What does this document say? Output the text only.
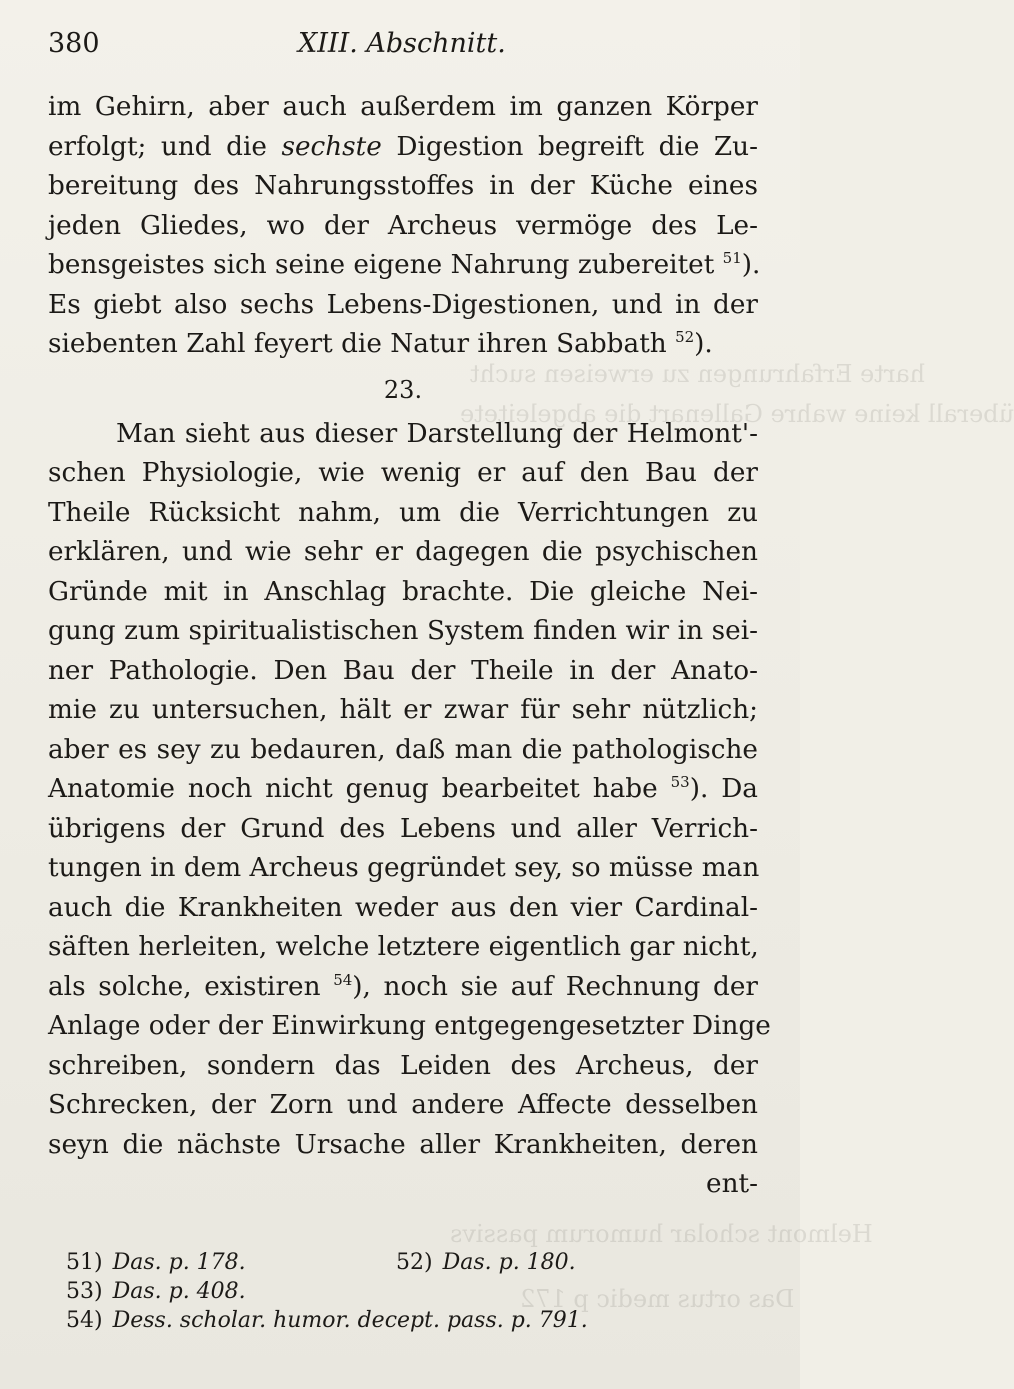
harte Erfahrungen zu erweisen sucht
überall keine wahre Gallenart die abgeleitete
Helmont scholar humorum passivs
Das ortus medic p 172
380	XIII. Abschnitt.
im Gehirn, aber auch außerdem im ganzen Körper
erfolgt; und die sechste Digestion begreift die Zu-
bereitung des Nahrungsstoffes in der Küche eines
jeden Gliedes, wo der Archeus vermöge des Le-
bensgeistes sich seine eigene Nahrung zubereitet $^{51}$).
Es giebt also sechs Lebens-Digestionen, und in der
siebenten Zahl feyert die Natur ihren Sabbath $^{52}$).
23.
Man sieht aus dieser Darstellung der Helmont'-
schen Physiologie, wie wenig er auf den Bau der
Theile Rücksicht nahm, um die Verrichtungen zu
erklären, und wie sehr er dagegen die psychischen
Gründe mit in Anschlag brachte. Die gleiche Nei-
gung zum spiritualistischen System finden wir in sei-
ner Pathologie. Den Bau der Theile in der Anato-
mie zu untersuchen, hält er zwar für sehr nützlich;
aber es sey zu bedauren, daß man die pathologische
Anatomie noch nicht genug bearbeitet habe $^{53}$). Da
übrigens der Grund des Lebens und aller Verrich-
tungen in dem Archeus gegründet sey, so müsse man
auch die Krankheiten weder aus den vier Cardinal-
säften herleiten, welche letztere eigentlich gar nicht,
als solche, existiren $^{54}$), noch sie auf Rechnung der
Anlage oder der Einwirkung entgegengesetzter Dinge
schreiben, sondern das Leiden des Archeus, der
Schrecken, der Zorn und andere Affecte desselben
seyn die nächste Ursache aller Krankheiten, deren
ent-
51) Das. p. 178.	52) Das. p. 180.
53) Das. p. 408.
54) Dess. scholar. humor. decept. pass. p. 791.
